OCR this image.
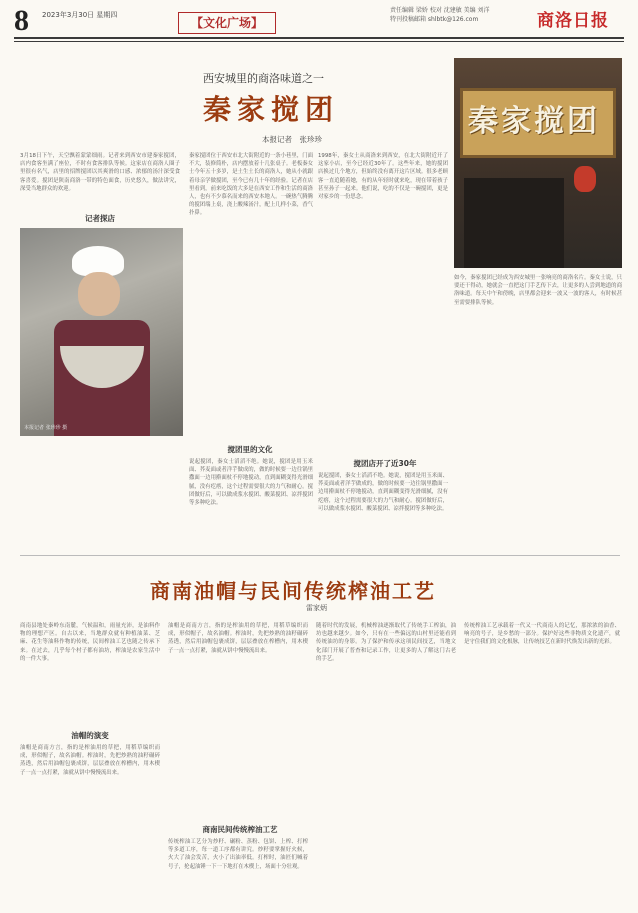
8 2023年3月30日 星期四
【文化广场】
责任编辑 梁娇 校对 沈建敏 美编 刘洋
特刊投稿邮箱 shlbtk@126.com	商洛日报
西安城里的商洛味道之一
秦家搅团
本报记者　张珍珍
本报记者 张珍珍 摄
秦家搅团
3月18日下午，天空飘着蒙蒙细雨。记者来到西安市建秦家搅团，店内食客坐满了座位，不时有食客排队等候。这家店在商洛人圈子里很有名气，店里的招牌搅团以其爽滑的口感、浓郁的汤汁深受食客喜爱。搅团是陕南商洛一带的特色面食，历史悠久，做法讲究，深受当地群众的欢迎。
记者探店
秦家搅团位于西安市北大街附近的一条小巷里，门面不大，装修简朴，店内摆放着十几张桌子。老板秦女士今年五十多岁，是土生土长的商洛人，她从小就跟着母亲学做搅团，至今已有几十年的经验。记者在店里看到，前来吃饭的大多是在西安工作和生活的商洛人，也有不少慕名而来的西安本地人。一碗热气腾腾的搅团端上桌，浇上酸辣汤汁，配上几样小菜，香气扑鼻。
搅团里的文化
说起搅团，秦女士滔滔不绝。她说，搅团是用玉米面、荞麦面或者洋芋做成的，做的时候要一边往锅里撒面一边用擀面杖不停地搅动，直到面糊变得光滑细腻，没有疙瘩，这个过程需要很大的力气和耐心。搅团做好后，可以做成浆水搅团、酸菜搅团、凉拌搅团等多种吃法。
1998年，秦女士从商洛来到西安，在北大街附近开了这家小店，至今已经近30年了。这些年来，她的搅团店换过几个地方，但始终没有离开这片区域。很多老顾客一直追随着她，有的从年轻时就来吃，现在带着孩子甚至孙子一起来。他们说，吃的不仅是一碗搅团，更是对家乡的一份思念。
搅团店开了近30年
说起搅团，秦女士滔滔不绝。她说，搅团是用玉米面、荞麦面或者洋芋做成的，做的时候要一边往锅里撒面一边用擀面杖不停地搅动，直到面糊变得光滑细腻，没有疙瘩，这个过程需要很大的力气和耐心。搅团做好后，可以做成浆水搅团、酸菜搅团、凉拌搅团等多种吃法。
如今，秦家搅团已经成为西安城里一张响亮的商洛名片。秦女士说，只要还干得动，她就会一直把这门手艺传下去，让更多的人尝到地道的商洛味道。每天中午和傍晚，店里都会迎来一波又一波的客人，有时候甚至需要排队等候。
商南油帽与民间传统榨油工艺
雷家炳
商南县地处秦岭东南麓，气候温和，雨量充沛，是油料作物的理想产区。自古以来，当地群众就有种植油菜、芝麻、花生等油料作物的传统，民间榨油工艺也随之传承下来。在过去，几乎每个村子都有油坊，榨油是农家生活中的一件大事。
油帽的演变
油帽是商南方言，指的是榨油用的草把，用稻草编织而成，形似帽子，故名油帽。榨油时，先把炒熟的油籽碾碎蒸透，然后用油帽包裹成饼，层层叠放在榨槽内，用木楔子一点一点打紧，油就从饼中慢慢流出来。
油帽是商南方言，指的是榨油用的草把，用稻草编织而成，形似帽子，故名油帽。榨油时，先把炒熟的油籽碾碎蒸透，然后用油帽包裹成饼，层层叠放在榨槽内，用木楔子一点一点打紧，油就从饼中慢慢流出来。
商南民间传统榨油工艺
传统榨油工艺分为炒籽、碾粉、蒸粉、包饼、上榨、打榨等多道工序，每一道工序都有讲究。炒籽要掌握好火候，火大了油会发苦，火小了出油率低。打榨时，油匠们喊着号子，抡起油锤一下一下地打在木楔上，场面十分壮观。
随着时代的发展，机械榨油逐渐取代了传统手工榨油，油坊也越来越少。如今，只有在一些偏远的山村里还能看到传统油坊的身影。为了保护和传承这项民间技艺，当地文化部门开展了普查和记录工作，让更多的人了解这门古老的手艺。
传统榨油工艺承载着一代又一代商南人的记忆，那浓浓的油香、响亮的号子，是乡愁的一部分。保护好这些非物质文化遗产，就是守住我们的文化根脉，让传统技艺在新时代焕发出新的光彩。
